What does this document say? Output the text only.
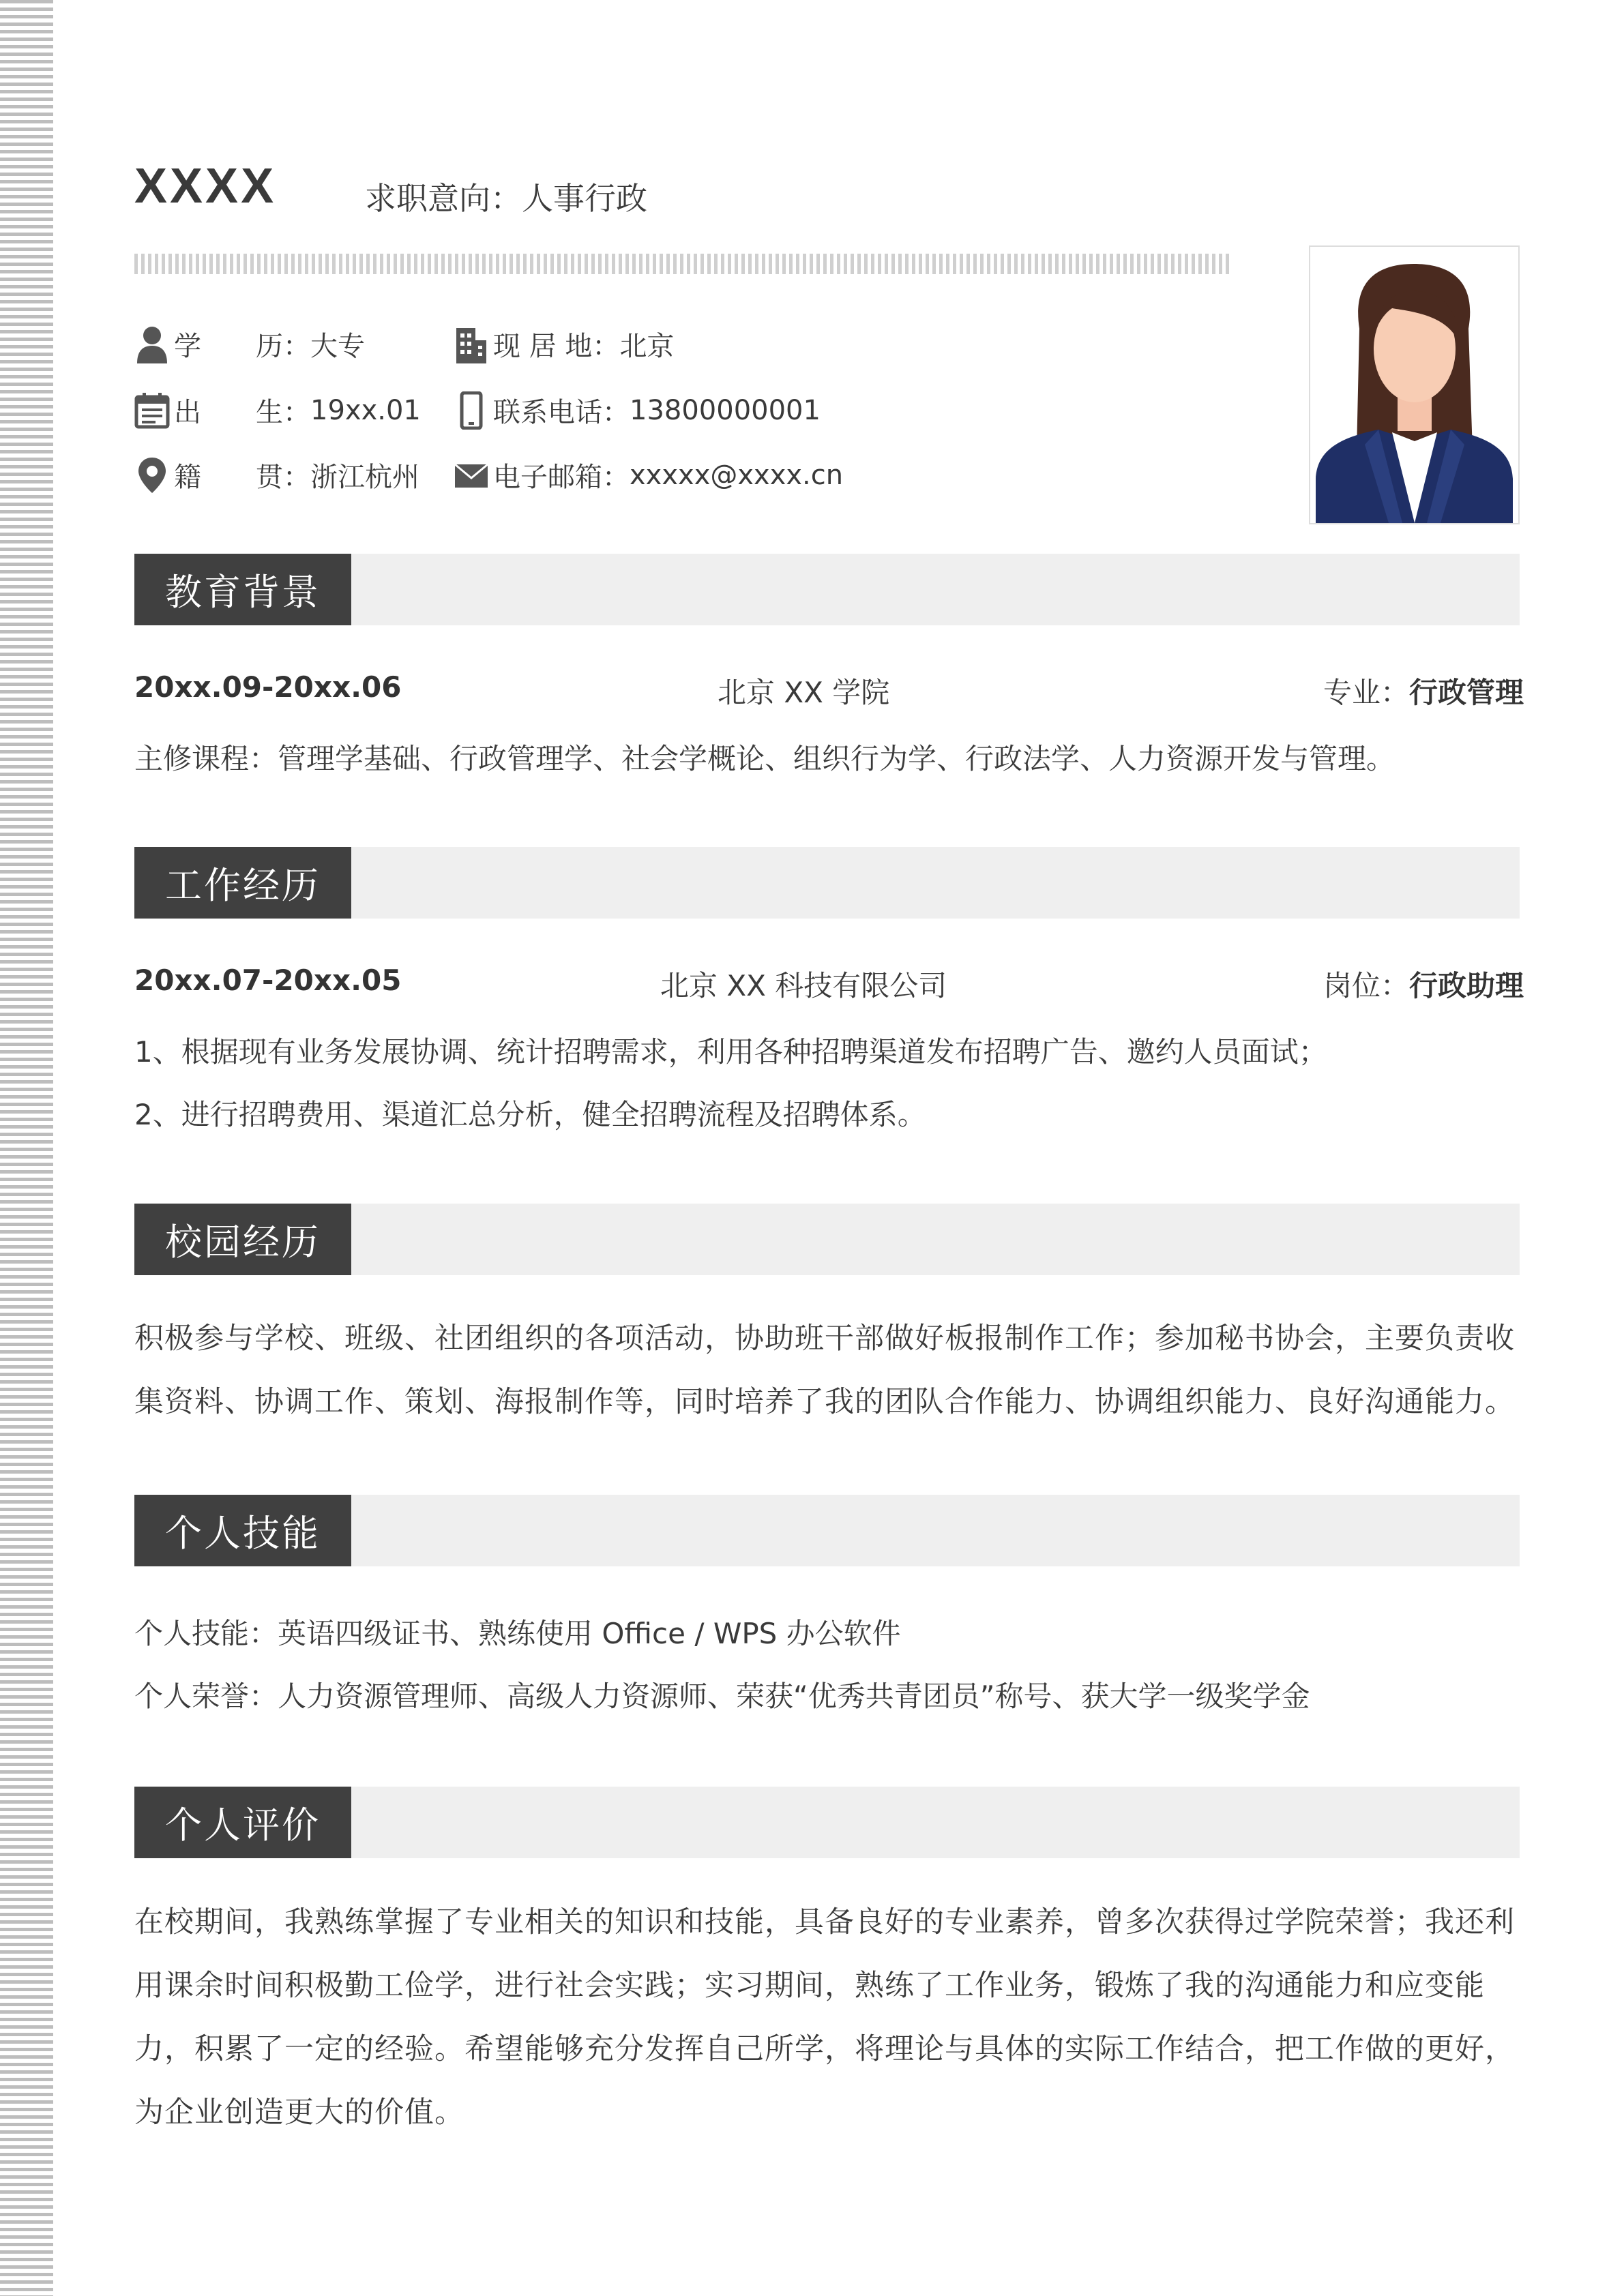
XXXX	求职意向：人事行政
学　　历： 大专	现 居 地： 北京
出　　生： 19xx.01	联系电话： 13800000001
籍　　贯： 浙江杭州	电子邮箱： xxxxx@xxxx.cn
教育背景
20xx.09-20xx.06	北京 XX 学院	专业：行政管理
主修课程：管理学基础、行政管理学、社会学概论、组织行为学、行政法学、人力资源开发与管理。
工作经历
20xx.07-20xx.05	北京 XX 科技有限公司	岗位：行政助理
1、根据现有业务发展协调、统计招聘需求，利用各种招聘渠道发布招聘广告、邀约人员面试；
2、进行招聘费用、渠道汇总分析，健全招聘流程及招聘体系。
校园经历
积极参与学校、班级、社团组织的各项活动，协助班干部做好板报制作工作；参加秘书协会，主要负责收集资料、协调工作、策划、海报制作等，同时培养了我的团队合作能力、协调组织能力、良好沟通能力。
个人技能
个人技能：英语四级证书、熟练使用 Office / WPS 办公软件
个人荣誉：人力资源管理师、高级人力资源师、荣获“优秀共青团员”称号、获大学一级奖学金
个人评价
在校期间，我熟练掌握了专业相关的知识和技能，具备良好的专业素养，曾多次获得过学院荣誉；我还利用课余时间积极勤工俭学，进行社会实践；实习期间，熟练了工作业务，锻炼了我的沟通能力和应变能力，积累了一定的经验。希望能够充分发挥自己所学，将理论与具体的实际工作结合，把工作做的更好，为企业创造更大的价值。
